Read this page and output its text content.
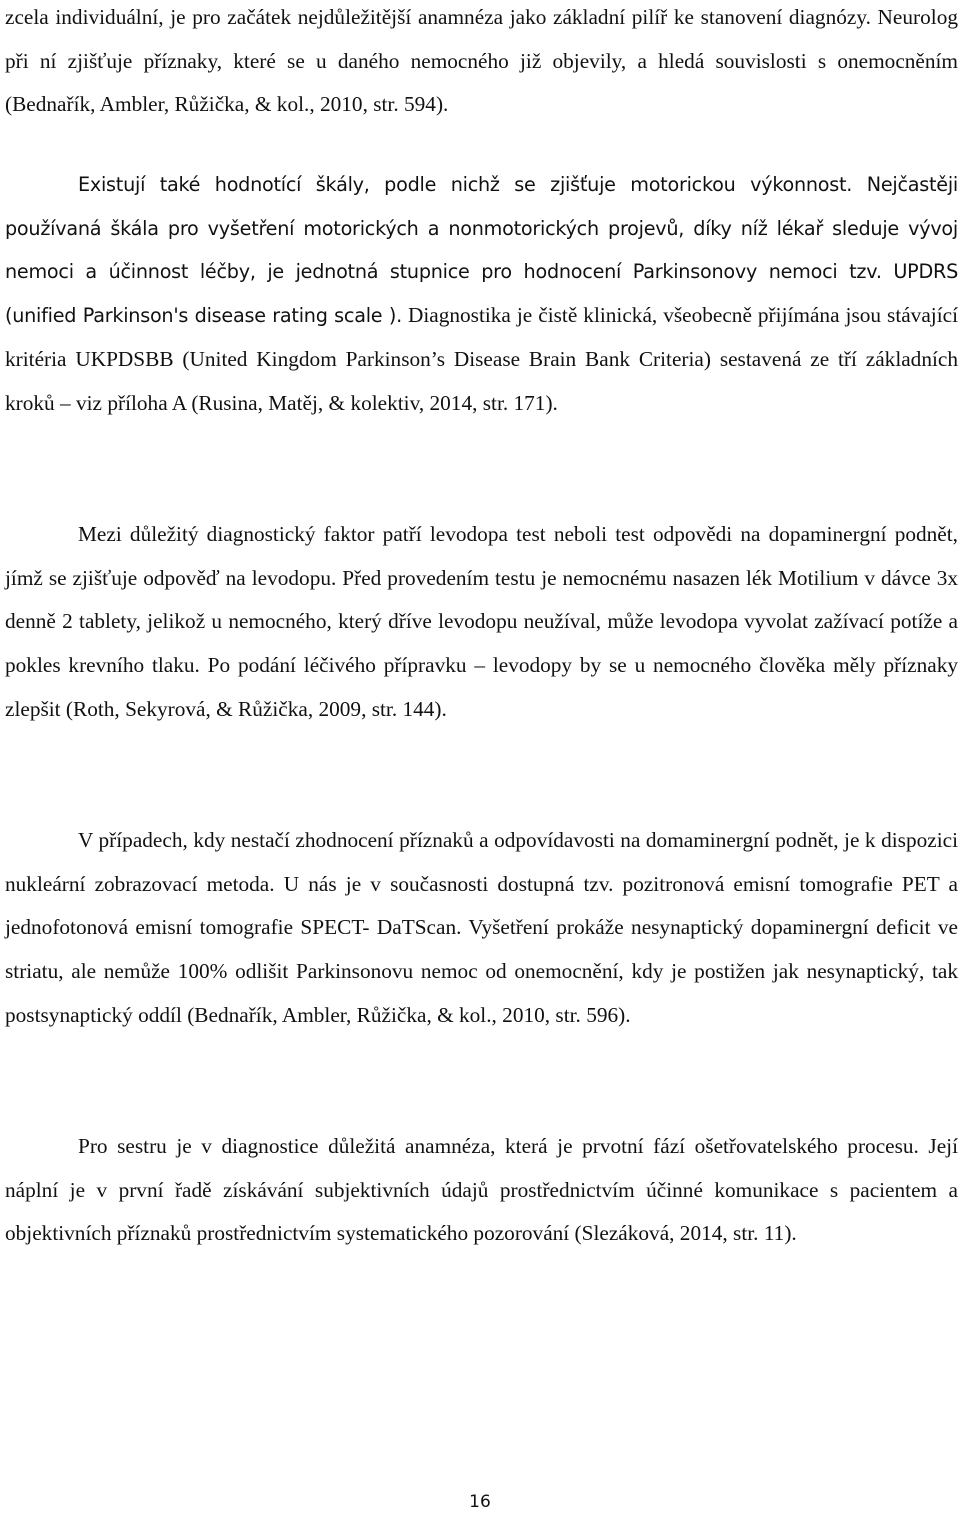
zcela individuální, je pro začátek nejdůležitější anamnéza jako základní pilíř ke stanovení diagnózy. Neurolog při ní zjišťuje příznaky, které se u daného nemocného již objevily, a hledá souvislosti s onemocněním (Bednařík, Ambler, Růžička, & kol., 2010, str. 594).

Existují také hodnotící škály, podle nichž se zjišťuje motorickou výkonnost. Nejčastěji používaná škála pro vyšetření motorických a nonmotorických projevů, díky níž lékař sleduje vývoj nemoci a účinnost léčby, je jednotná stupnice pro hodnocení Parkinsonovy nemoci tzv. UPDRS (unified Parkinson's disease rating scale ). Diagnostika je čistě klinická, všeobecně přijímána jsou stávající kritéria UKPDSBB (United Kingdom Parkinson’s Disease Brain Bank Criteria) sestavená ze tří základních kroků – viz příloha A (Rusina, Matěj, & kolektiv, 2014, str. 171).

Mezi důležitý diagnostický faktor patří levodopa test neboli test odpovědi na dopaminergní podnět, jímž se zjišťuje odpověď na levodopu. Před provedením testu je nemocnému nasazen lék Motilium v dávce 3x denně 2 tablety, jelikož u nemocného, který dříve levodopu neužíval, může levodopa vyvolat zažívací potíže a pokles krevního tlaku. Po podání léčivého přípravku – levodopy by se u nemocného člověka měly příznaky zlepšit (Roth, Sekyrová, & Růžička, 2009, str. 144).

V případech, kdy nestačí zhodnocení příznaků a odpovídavosti na domaminergní podnět, je k dispozici nukleární zobrazovací metoda. U nás je v současnosti dostupná tzv. pozitronová emisní tomografie PET a jednofotonová emisní tomografie SPECT- DaTScan. Vyšetření prokáže nesynaptický dopaminergní deficit ve striatu, ale nemůže 100% odlišit Parkinsonovu nemoc od onemocnění, kdy je postižen jak nesynaptický, tak postsynaptický oddíl (Bednařík, Ambler, Růžička, & kol., 2010, str. 596).

Pro sestru je v diagnostice důležitá anamnéza, která je prvotní fází ošetřovatelského procesu. Její náplní je v první řadě získávání subjektivních údajů prostřednictvím účinné komunikace s pacientem a objektivních příznaků prostřednictvím systematického pozorování (Slezáková, 2014, str. 11).

16
